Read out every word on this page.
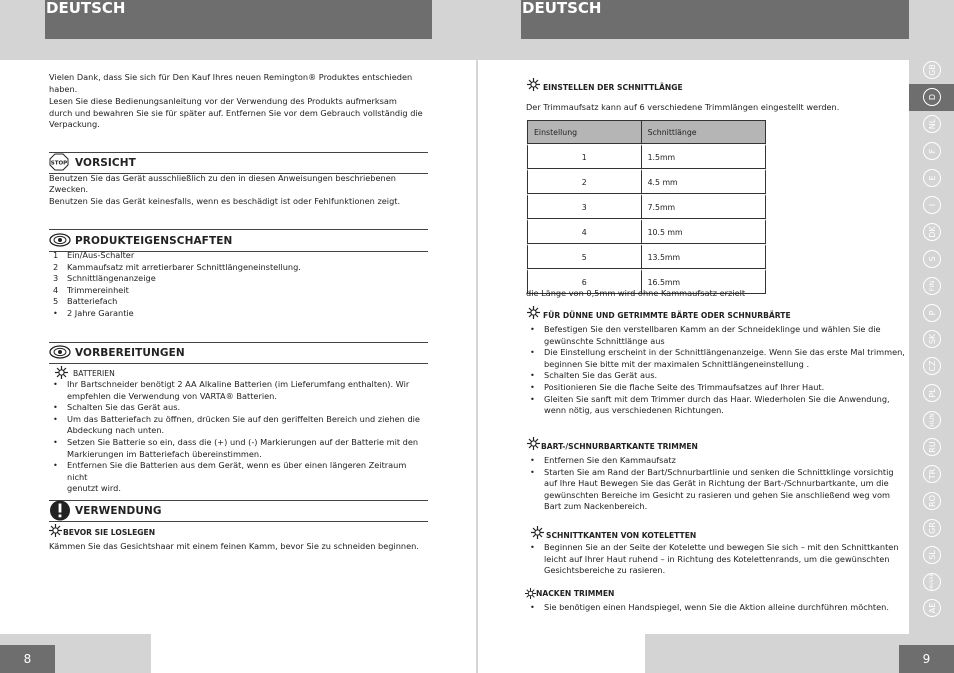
DEUTSCH

Vielen Dank, dass Sie sich für Den Kauf Ihres neuen Remington® Produktes entschieden

haben.

Lesen Sie diese Bedienungsanleitung vor der Verwendung des Produkts aufmerksam

durch und bewahren Sie sie für später auf. Entfernen Sie vor dem Gebrauch vollständig die

Verpackung.

STOP VORSICHT

Benutzen Sie das Gerät ausschließlich zu den in diesen Anweisungen beschriebenen

Zwecken.

Benutzen Sie das Gerät keinesfalls, wenn es beschädigt ist oder Fehlfunktionen zeigt.

PRODUKTEIGENSCHAFTEN
1	Ein/Aus-Schalter
2	Kammaufsatz mit arretierbarer Schnittlängeneinstellung.
3	Schnittlängenanzeige
4	Trimmereinheit
5	Batteriefach
•	2 Jahre Garantie
VORBEREITUNGEN
BATTERIEN
•	Ihr Bartschneider benötigt 2 AA Alkaline Batterien (im Lieferumfang enthalten). Wir
empfehlen die Verwendung von VARTA® Batterien.
•	Schalten Sie das Gerät aus.
•	Um das Batteriefach zu öffnen, drücken Sie auf den geriffelten Bereich und ziehen die
Abdeckung nach unten.
•	Setzen Sie Batterie so ein, dass die (+) und (-) Markierungen auf der Batterie mit den
Markierungen im Batteriefach übereinstimmen.
•	Entfernen Sie die Batterien aus dem Gerät, wenn es über einen längeren Zeitraum nicht
genutzt wird.
VERWENDUNG
BEVOR SIE LOSLEGEN

Kämmen Sie das Gesichtshaar mit einem feinen Kamm, bevor Sie zu schneiden beginnen.

8
DEUTSCH
EINSTELLEN DER SCHNITTLÄNGE

Der Trimmaufsatz kann auf 6 verschiedene Trimmlängen eingestellt werden.

Einstellung	Schnittlänge
1	1.5mm
2	4.5 mm
3	7.5mm
4	10.5 mm
5	13.5mm
6	16.5mm

die Länge von 0,5mm wird ohne Kammaufsatz erzielt

FÜR DÜNNE UND GETRIMMTE BÄRTE ODER SCHNURBÄRTE
•	Befestigen Sie den verstellbaren Kamm an der Schneideklinge und wählen Sie die
gewünschte Schnittlänge aus
•	Die Einstellung erscheint in der Schnittlängenanzeige. Wenn Sie das erste Mal trimmen,
beginnen Sie bitte mit der maximalen Schnittlängeneinstellung .
•	Schalten Sie das Gerät aus.
•	Positionieren Sie die flache Seite des Trimmaufsatzes auf Ihrer Haut.
•	Gleiten Sie sanft mit dem Trimmer durch das Haar. Wiederholen Sie die Anwendung,
wenn nötig, aus verschiedenen Richtungen.
BART-/SCHNURBARTKANTE TRIMMEN
•	Entfernen Sie den Kammaufsatz
•	Starten Sie am Rand der Bart/Schnurbartlinie und senken die Schnittklinge vorsichtig
auf Ihre Haut Bewegen Sie das Gerät in Richtung der Bart-/Schnurbartkante, um die
gewünschten Bereiche im Gesicht zu rasieren und gehen Sie anschließend weg vom
Bart zum Nackenbereich.
SCHNITTKANTEN VON KOTELETTEN
•	Beginnen Sie an der Seite der Kotelette und bewegen Sie sich – mit den Schnittkanten
leicht auf Ihrer Haut ruhend – in Richtung des Kotelettenrands, um die gewünschten
Gesichtsbereiche zu rasieren.
NACKEN TRIMMEN
•	Sie benötigen einen Handspiegel, wenn Sie die Aktion alleine durchführen möchten.
GB
D
NL
F
E
I
DK
S
FIN
P
SK
CZ
PL
HUN
RU
TR
RO
GR
SL
HR/SRB
AE
9
